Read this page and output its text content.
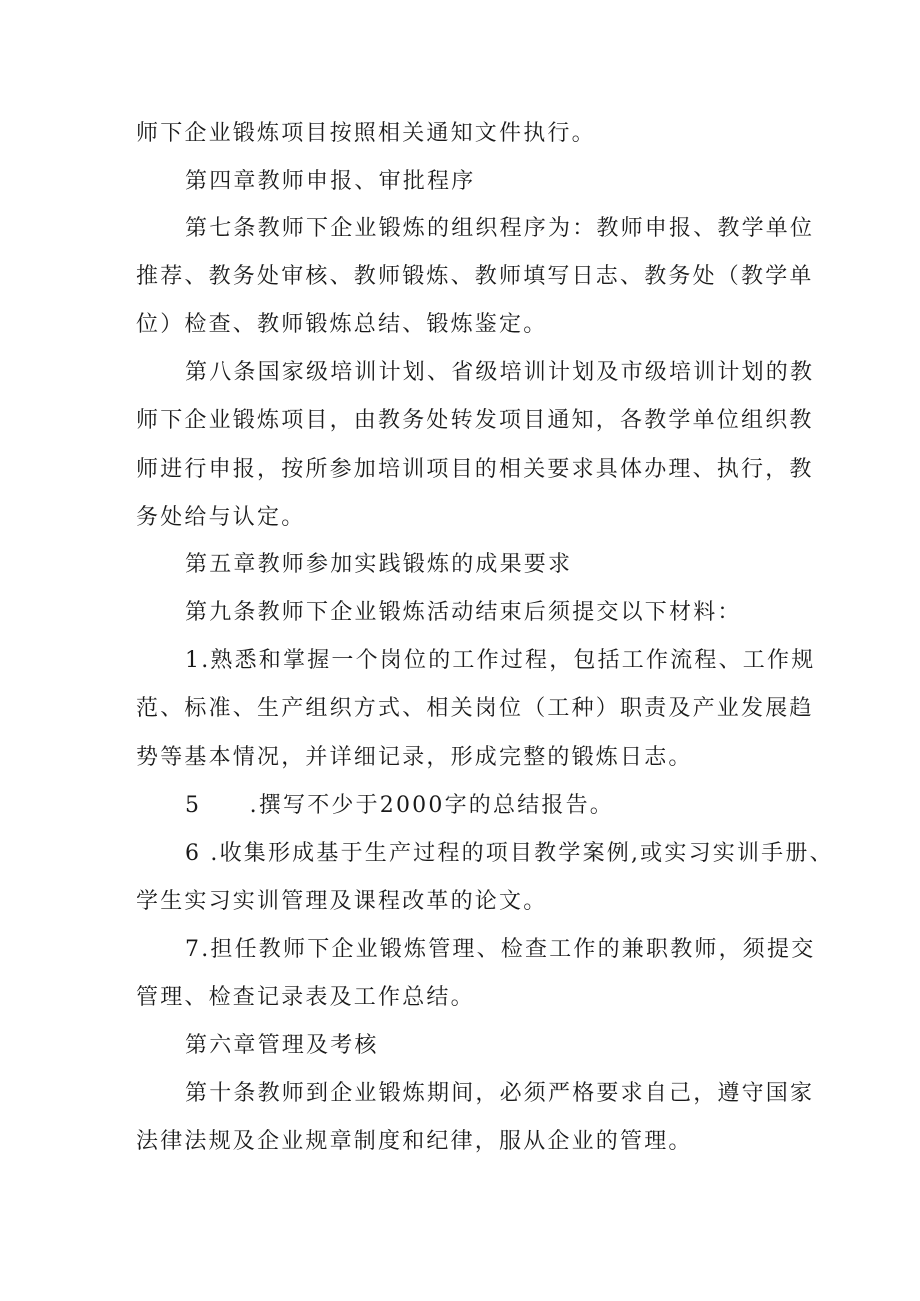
师下企业锻炼项目按照相关通知文件执行。
第四章教师申报、审批程序
第七条教师下企业锻炼的组织程序为：教师申报、教学单位
推荐、教务处审核、教师锻炼、教师填写日志、教务处（教学单
位）检查、教师锻炼总结、锻炼鉴定。
第八条国家级培训计划、省级培训计划及市级培训计划的教
师下企业锻炼项目，由教务处转发项目通知，各教学单位组织教
师进行申报，按所参加培训项目的相关要求具体办理、执行，教
务处给与认定。
第五章教师参加实践锻炼的成果要求
第九条教师下企业锻炼活动结束后须提交以下材料：
1.熟悉和掌握一个岗位的工作过程，包括工作流程、工作规
范、标准、生产组织方式、相关岗位（工种）职责及产业发展趋
势等基本情况，并详细记录，形成完整的锻炼日志。
5　　.撰写不少于2000字的总结报告。
6 .收集形成基于生产过程的项目教学案例,或实习实训手册、
学生实习实训管理及课程改革的论文。
7.担任教师下企业锻炼管理、检查工作的兼职教师，须提交
管理、检查记录表及工作总结。
第六章管理及考核
第十条教师到企业锻炼期间，必须严格要求自己，遵守国家
法律法规及企业规章制度和纪律，服从企业的管理。
